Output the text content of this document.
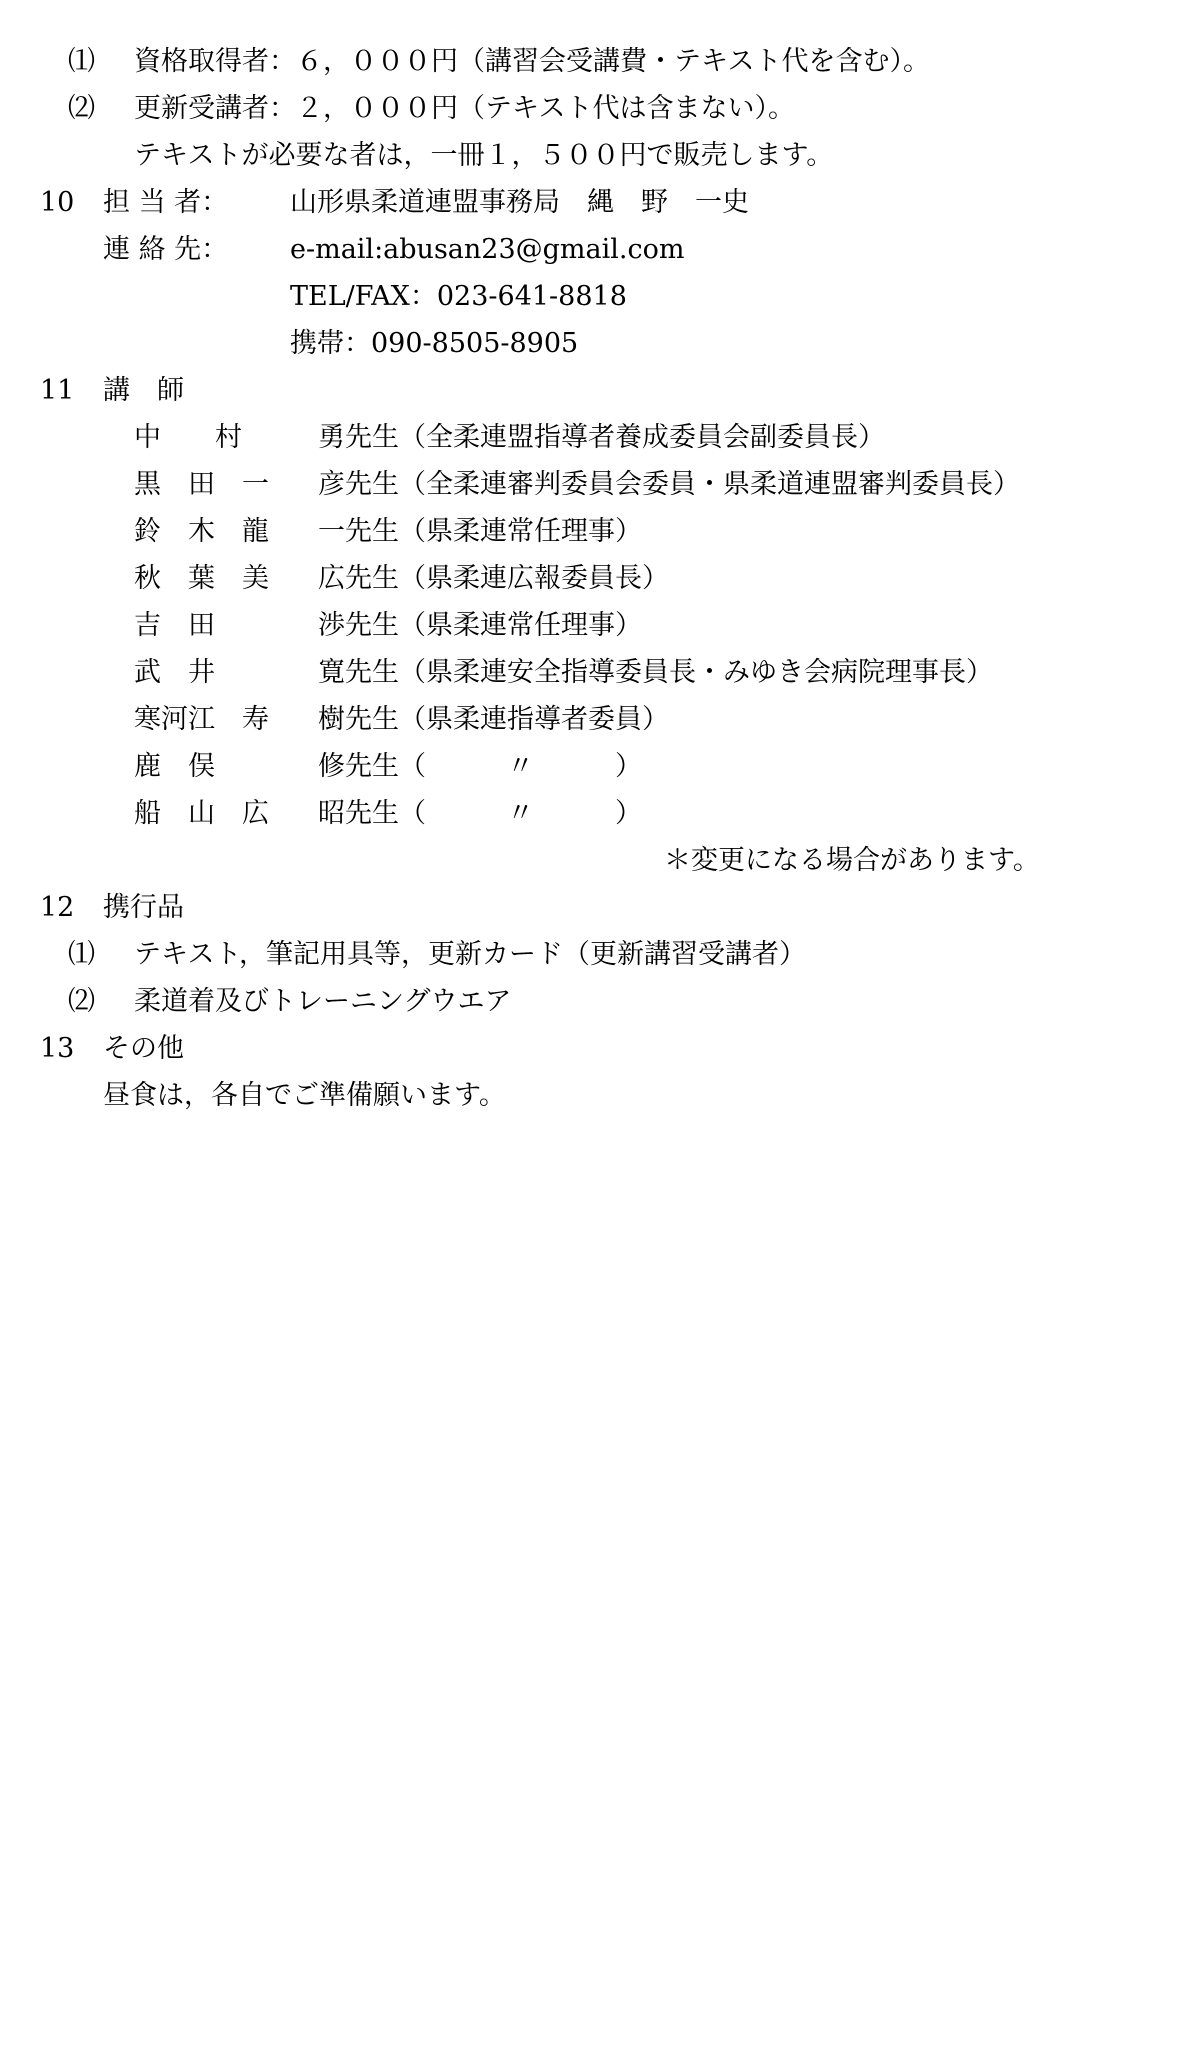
⑴ 資格取得者：６，０００円（講習会受講費・テキスト代を含む）。
⑵ 更新受講者：２，０００円（テキスト代は含まない）。
テキストが必要な者は，一冊１，５００円で販売します。
10 担 当 者： 山形県柔道連盟事務局　縄　野　一史
連 絡 先： e-mail:abusan23@gmail.com
TEL/FAX：023-641-8818
携帯：090-8505-8905
11 講　師
中　　村　　 勇先生（全柔連盟指導者養成委員会副委員長）
黒　田　一　 彦先生（全柔連審判委員会委員・県柔道連盟審判委員長）
鈴　木　龍　 一先生（県柔連常任理事）
秋　葉　美　 広先生（県柔連広報委員長）
吉　田　　　 渉先生（県柔連常任理事）
武　井　　　 寛先生（県柔連安全指導委員長・みゆき会病院理事長）
寒河江　寿　 樹先生（県柔連指導者委員）
鹿　俣　　　 修先生（　　　〃　　　）
船　山　広　 昭先生（　　　〃　　　）
＊変更になる場合があります。
12 携行品
⑴ テキスト，筆記用具等，更新カード（更新講習受講者）
⑵ 柔道着及びトレーニングウエア
13 その他
昼食は，各自でご準備願います。
